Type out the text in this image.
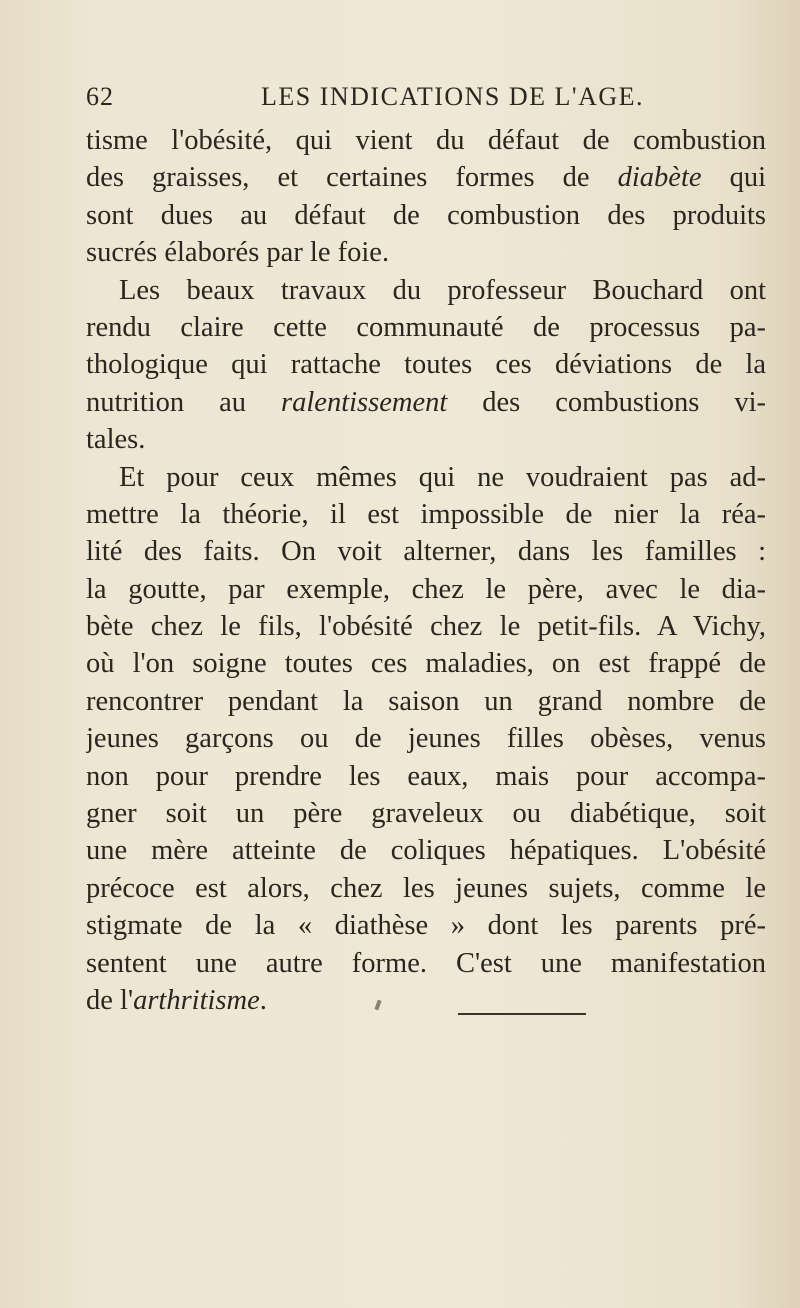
62	LES INDICATIONS DE L'AGE.
tisme l'obésité, qui vient du défaut de combustion
des graisses, et certaines formes de diabète qui
sont dues au défaut de combustion des produits
sucrés élaborés par le foie.
Les beaux travaux du professeur Bouchard ont
rendu claire cette communauté de processus pa-
thologique qui rattache toutes ces déviations de la
nutrition au ralentissement des combustions vi-
tales.
Et pour ceux mêmes qui ne voudraient pas ad-
mettre la théorie, il est impossible de nier la réa-
lité des faits. On voit alterner, dans les familles :
la goutte, par exemple, chez le père, avec le dia-
bète chez le fils, l'obésité chez le petit-fils. A Vichy,
où l'on soigne toutes ces maladies, on est frappé de
rencontrer pendant la saison un grand nombre de
jeunes garçons ou de jeunes filles obèses, venus
non pour prendre les eaux, mais pour accompa-
gner soit un père graveleux ou diabétique, soit
une mère atteinte de coliques hépatiques. L'obésité
précoce est alors, chez les jeunes sujets, comme le
stigmate de la « diathèse » dont les parents pré-
sentent une autre forme. C'est une manifestation
de l'arthritisme.
